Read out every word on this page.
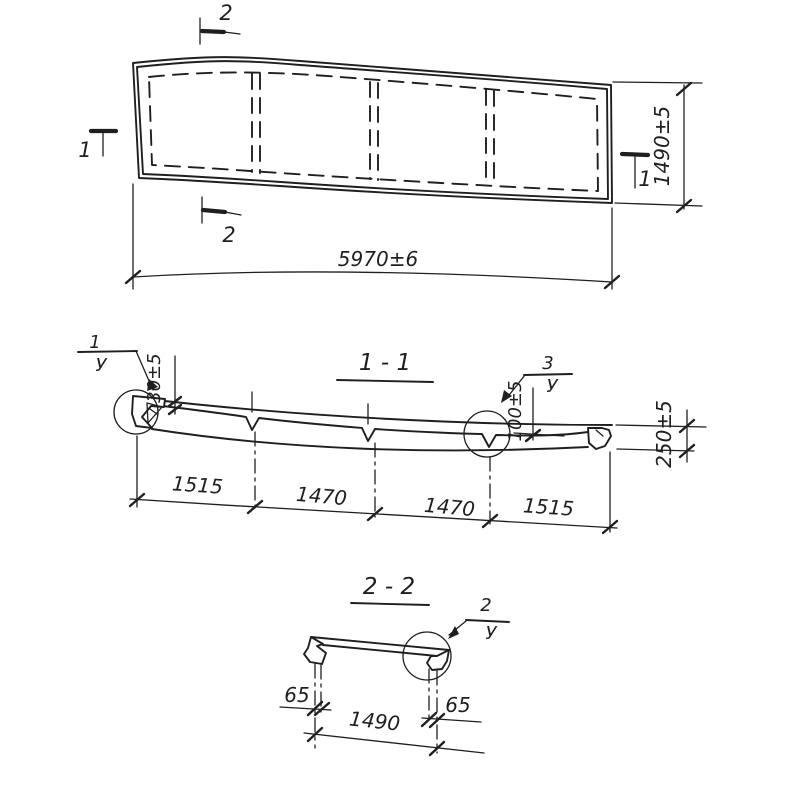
2
2
1
1
5970±6
1490±5
1 - 1
1
У 30±5	3
У
100±5	250±5
1515	1470	1470 1515
2 - 2
2
У
65	65
1490
